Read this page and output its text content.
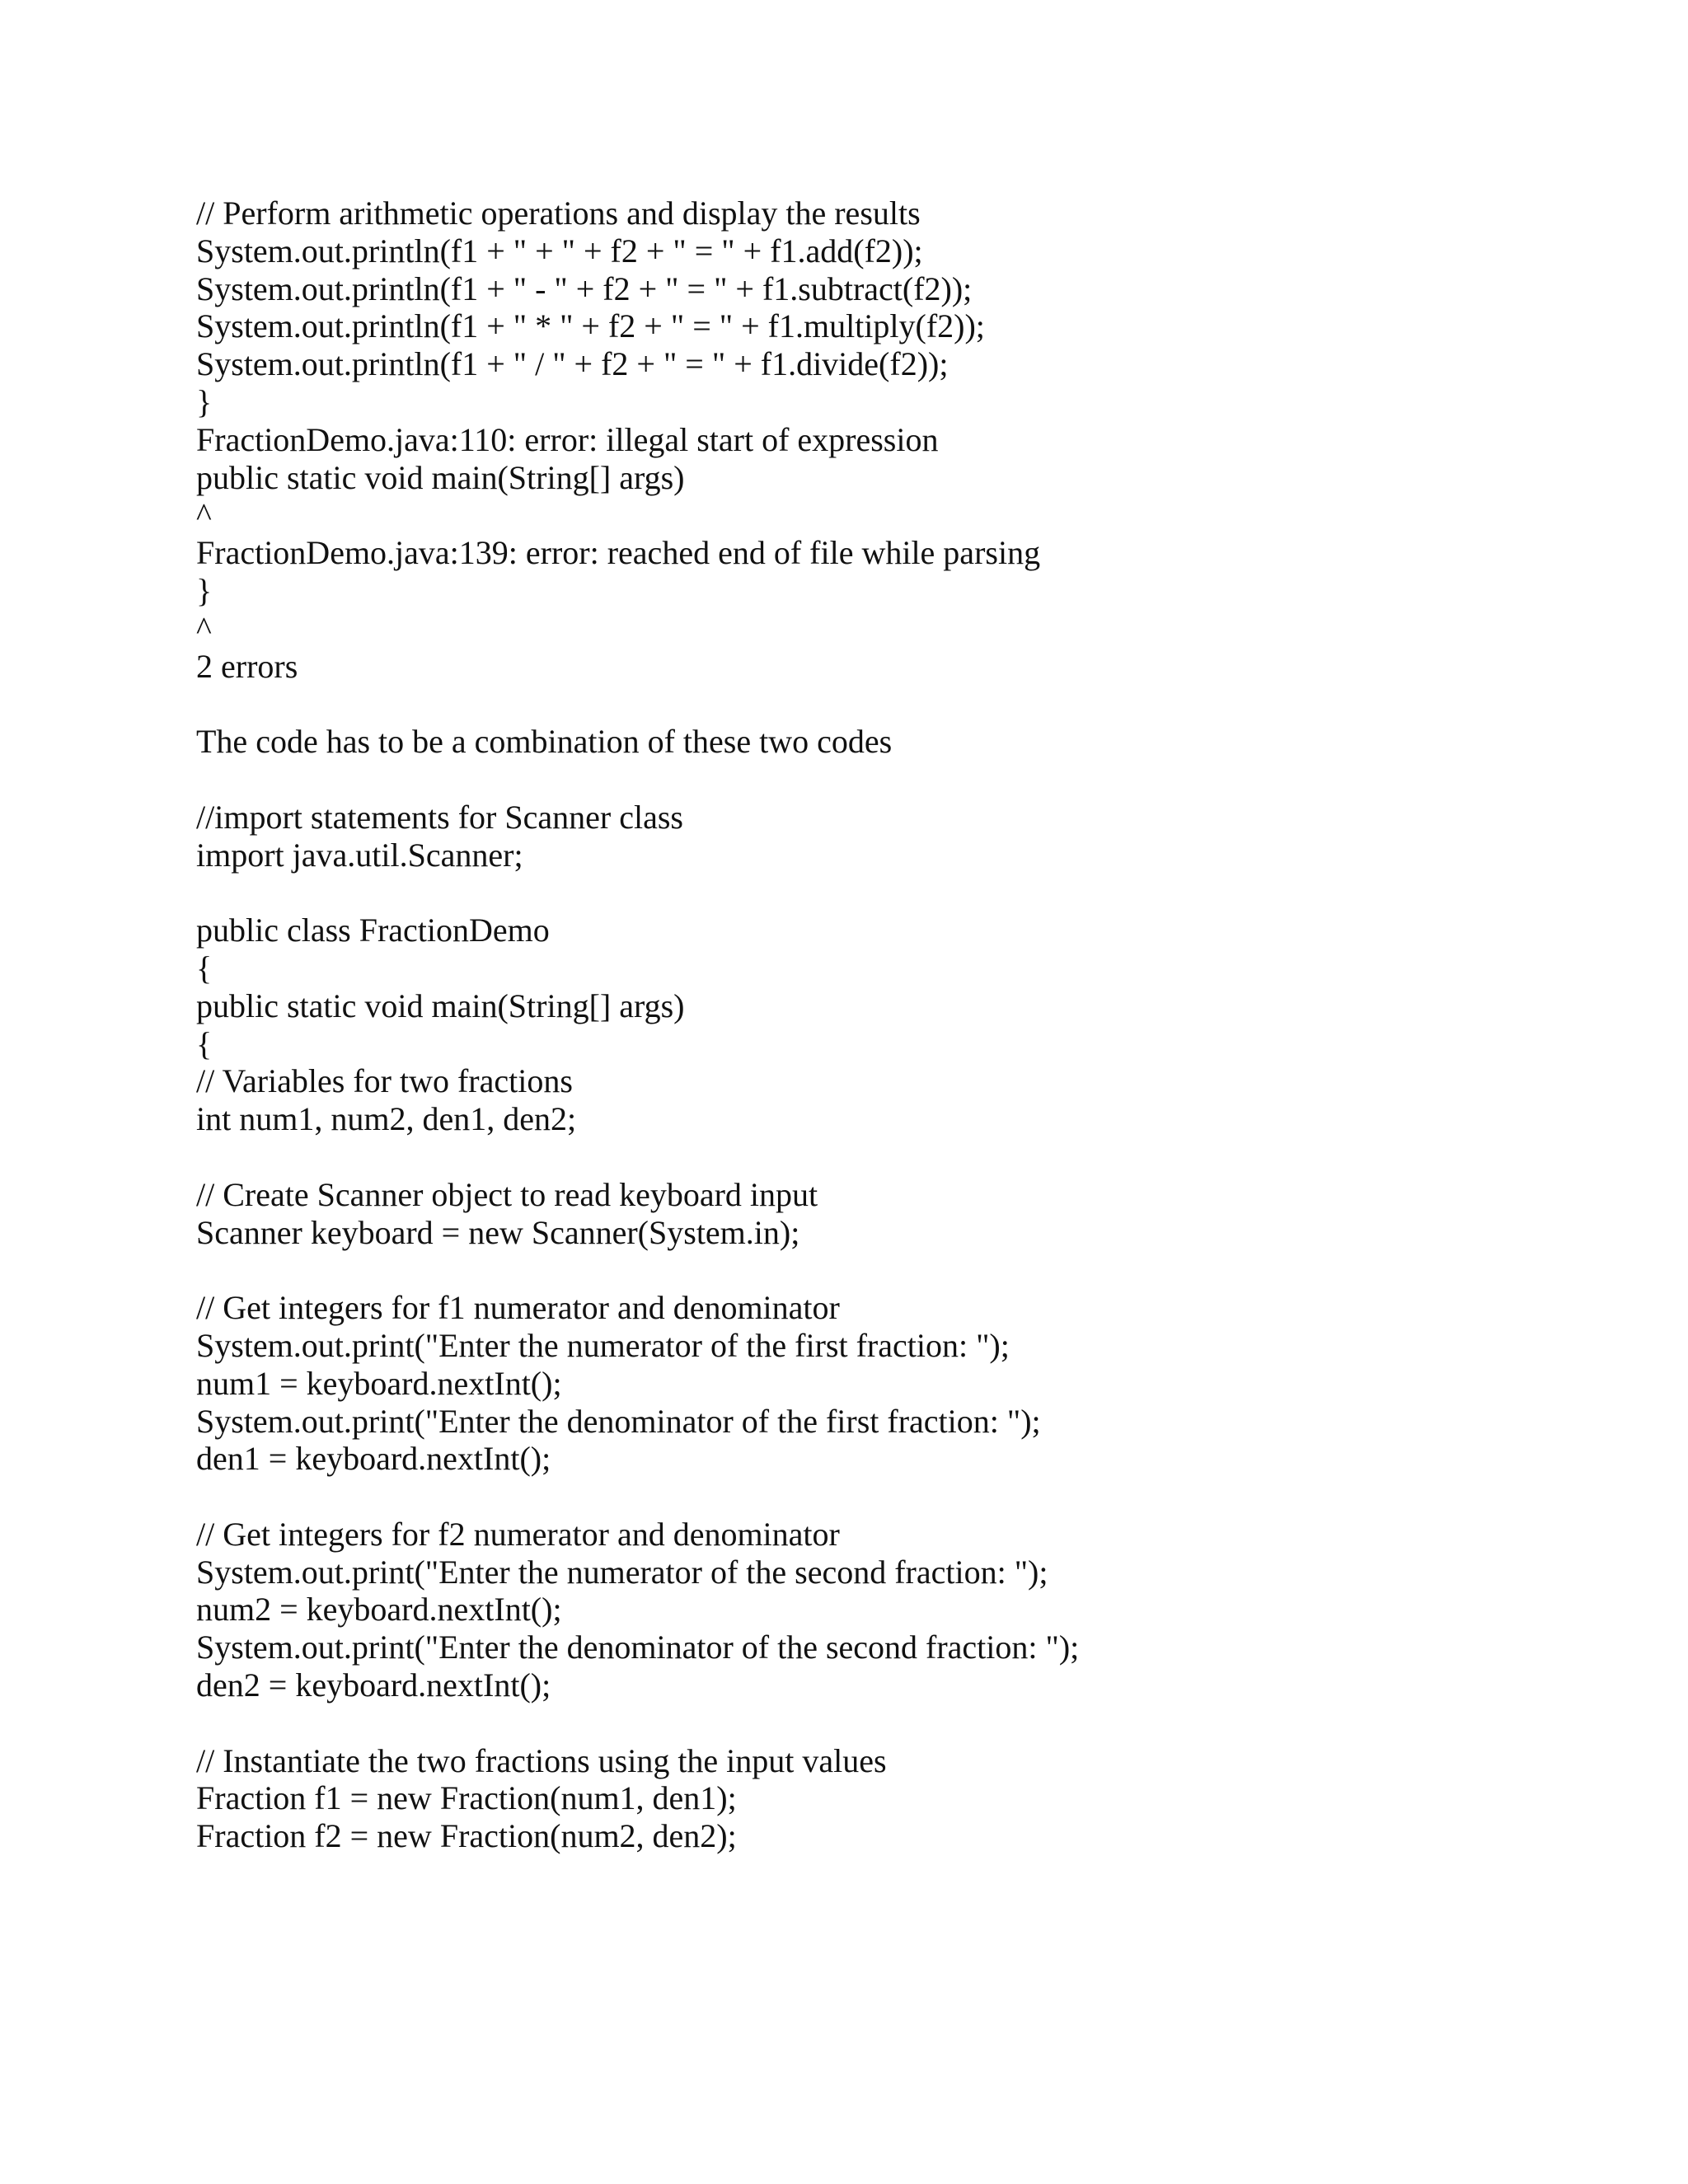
// Perform arithmetic operations and display the results
System.out.println(f1 + " + " + f2 + " = " + f1.add(f2));
System.out.println(f1 + " - " + f2 + " = " + f1.subtract(f2));
System.out.println(f1 + " * " + f2 + " = " + f1.multiply(f2));
System.out.println(f1 + " / " + f2 + " = " + f1.divide(f2));
}
FractionDemo.java:110: error: illegal start of expression
public static void main(String[] args)
^
FractionDemo.java:139: error: reached end of file while parsing
}
^
2 errors
The code has to be a combination of these two codes
//import statements for Scanner class
import java.util.Scanner;
public class FractionDemo
{
public static void main(String[] args)
{
// Variables for two fractions
int num1, num2, den1, den2;
// Create Scanner object to read keyboard input
Scanner keyboard = new Scanner(System.in);
// Get integers for f1 numerator and denominator
System.out.print("Enter the numerator of the first fraction: ");
num1 = keyboard.nextInt();
System.out.print("Enter the denominator of the first fraction: ");
den1 = keyboard.nextInt();
// Get integers for f2 numerator and denominator
System.out.print("Enter the numerator of the second fraction: ");
num2 = keyboard.nextInt();
System.out.print("Enter the denominator of the second fraction: ");
den2 = keyboard.nextInt();
// Instantiate the two fractions using the input values
Fraction f1 = new Fraction(num1, den1);
Fraction f2 = new Fraction(num2, den2);
